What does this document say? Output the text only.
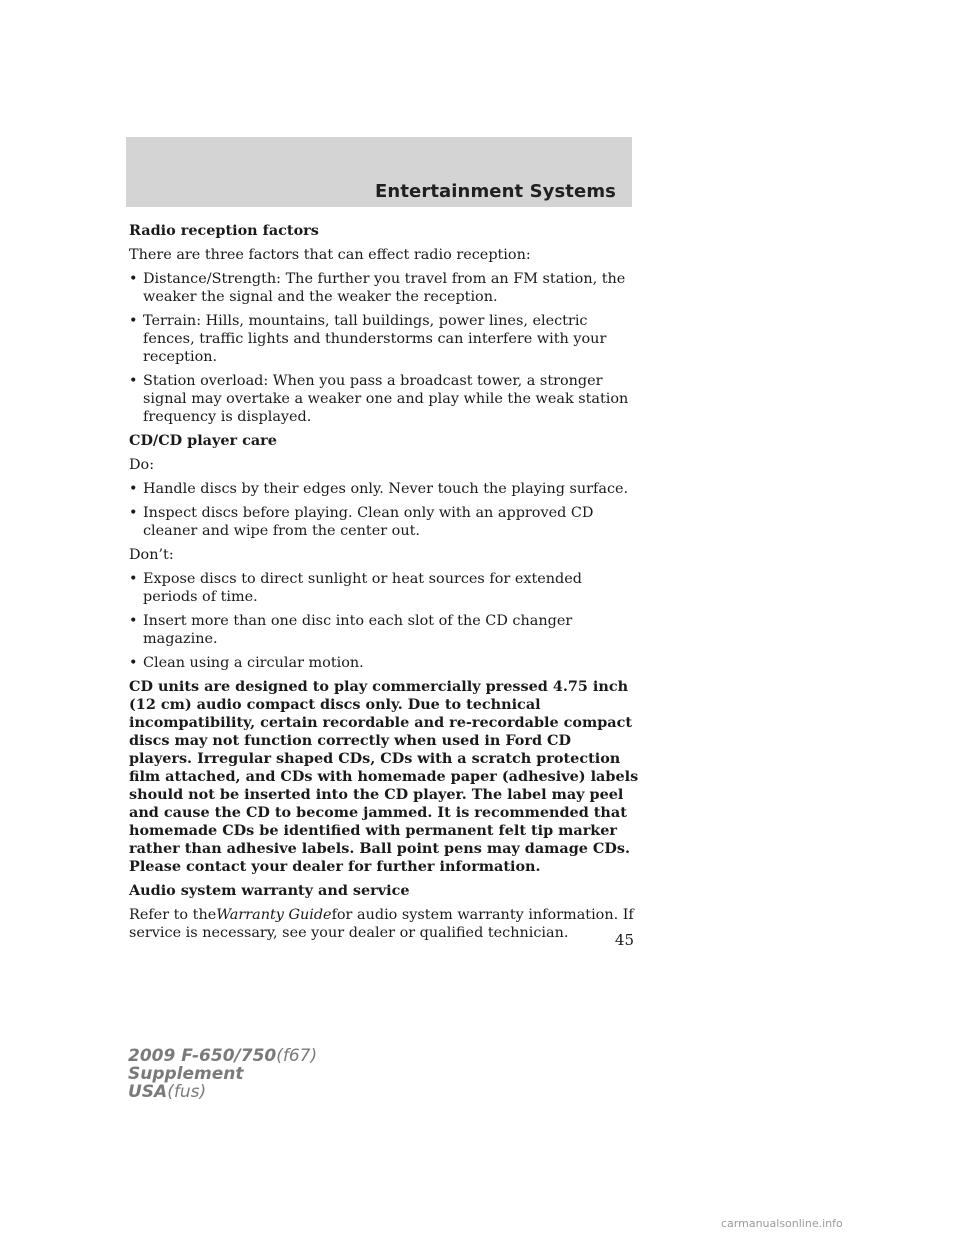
Entertainment Systems
Radio reception factors
There are three factors that can effect radio reception:
• Distance/Strength: The further you travel from an FM station, the weaker the signal and the weaker the reception.
• Terrain: Hills, mountains, tall buildings, power lines, electric fences, traffic lights and thunderstorms can interfere with your reception.
• Station overload: When you pass a broadcast tower, a stronger signal may overtake a weaker one and play while the weak station frequency is displayed.
CD/CD player care
Do:
• Handle discs by their edges only. Never touch the playing surface.
• Inspect discs before playing. Clean only with an approved CD cleaner and wipe from the center out.
Don’t:
• Expose discs to direct sunlight or heat sources for extended periods of time.
• Insert more than one disc into each slot of the CD changer magazine.
• Clean using a circular motion.
CD units are designed to play commercially pressed 4.75 inch (12 cm) audio compact discs only. Due to technical incompatibility, certain recordable and re-recordable compact discs may not function correctly when used in Ford CD players. Irregular shaped CDs, CDs with a scratch protection film attached, and CDs with homemade paper (adhesive) labels should not be inserted into the CD player. The label may peel and cause the CD to become jammed. It is recommended that homemade CDs be identified with permanent felt tip marker rather than adhesive labels. Ball point pens may damage CDs. Please contact your dealer for further information.
Audio system warranty and service
Refer to theWarranty Guidefor audio system warranty information. If service is necessary, see your dealer or qualified technician.	45
2009 F-650/750(f67)
Supplement
USA(fus)
carmanualsonline.info
